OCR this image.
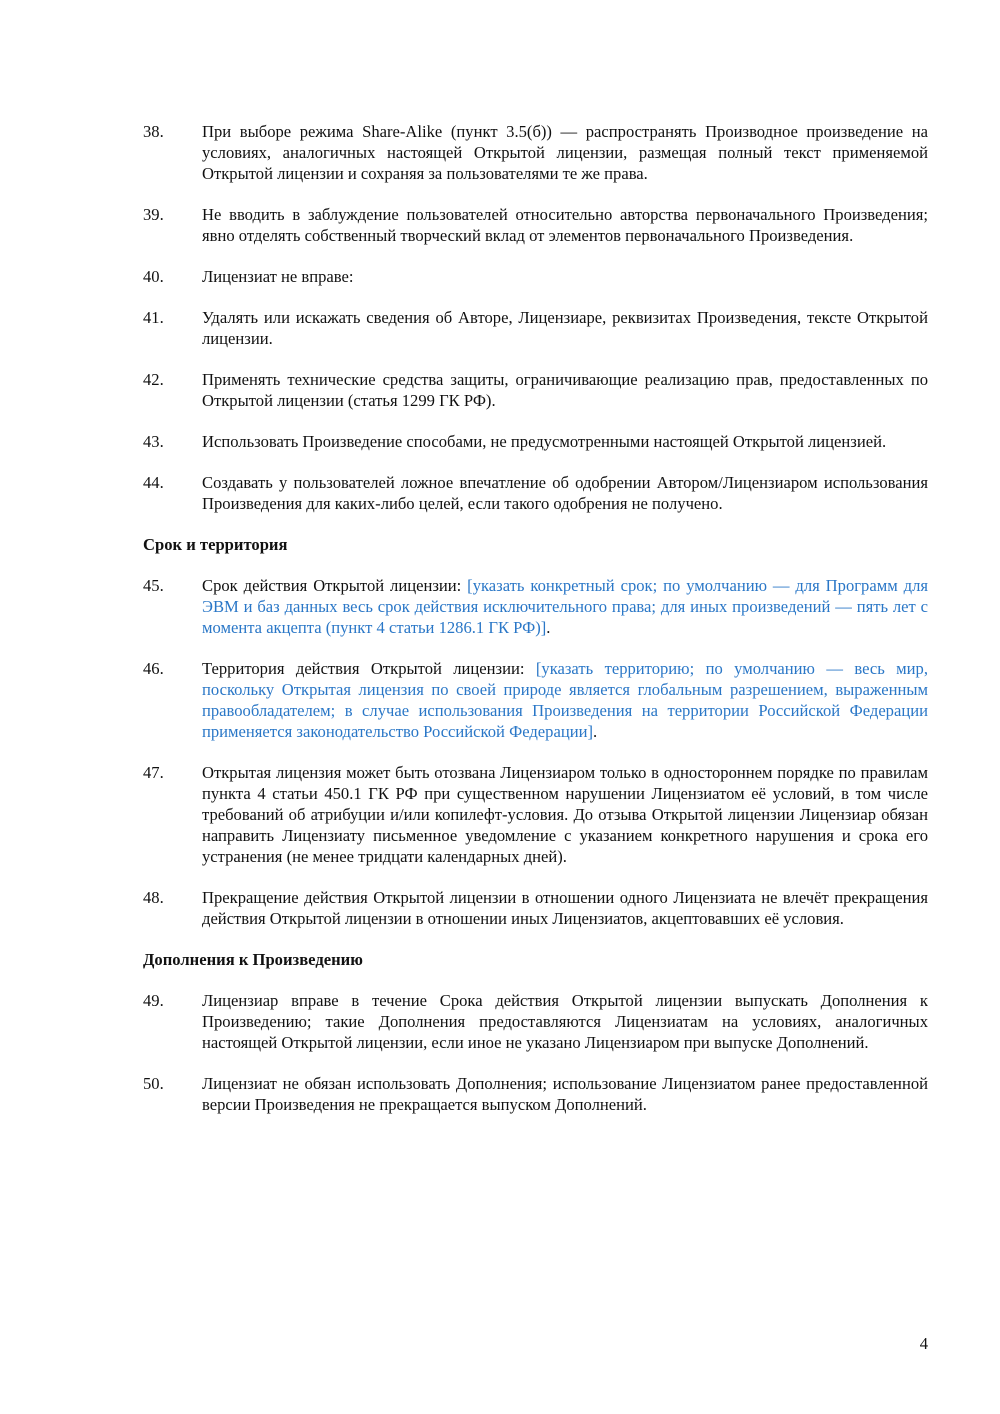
38.	При выборе режима Share-Alike (пункт 3.5(б)) — распространять Производное произведение на условиях, аналогичных настоящей Открытой лицензии, размещая полный текст применяемой Открытой лицензии и сохраняя за пользователями те же права.
39.	Не вводить в заблуждение пользователей относительно авторства первоначального Произведения; явно отделять собственный творческий вклад от элементов первоначального Произведения.
40.	Лицензиат не вправе:
41.	Удалять или искажать сведения об Авторе, Лицензиаре, реквизитах Произведения, тексте Открытой лицензии.
42.	Применять технические средства защиты, ограничивающие реализацию прав, предоставленных по Открытой лицензии (статья 1299 ГК РФ).
43.	Использовать Произведение способами, не предусмотренными настоящей Открытой лицензией.
44.	Создавать у пользователей ложное впечатление об одобрении Автором/Лицензиаром использования Произведения для каких-либо целей, если такого одобрения не получено.
Срок и территория
45.	Срок действия Открытой лицензии: [указать конкретный срок; по умолчанию — для Программ для ЭВМ и баз данных весь срок действия исключительного права; для иных произведений — пять лет с момента акцепта (пункт 4 статьи 1286.1 ГК РФ)].
46.	Территория действия Открытой лицензии: [указать территорию; по умолчанию — весь мир, поскольку Открытая лицензия по своей природе является глобальным разрешением, выраженным правообладателем; в случае использования Произведения на территории Российской Федерации применяется законодательство Российской Федерации].
47.	Открытая лицензия может быть отозвана Лицензиаром только в одностороннем порядке по правилам пункта 4 статьи 450.1 ГК РФ при существенном нарушении Лицензиатом её условий, в том числе требований об атрибуции и/или копилефт-условия. До отзыва Открытой лицензии Лицензиар обязан направить Лицензиату письменное уведомление с указанием конкретного нарушения и срока его устранения (не менее тридцати календарных дней).
48.	Прекращение действия Открытой лицензии в отношении одного Лицензиата не влечёт прекращения действия Открытой лицензии в отношении иных Лицензиатов, акцептовавших её условия.
Дополнения к Произведению
49.	Лицензиар вправе в течение Срока действия Открытой лицензии выпускать Дополнения к Произведению; такие Дополнения предоставляются Лицензиатам на условиях, аналогичных настоящей Открытой лицензии, если иное не указано Лицензиаром при выпуске Дополнений.
50.	Лицензиат не обязан использовать Дополнения; использование Лицензиатом ранее предоставленной версии Произведения не прекращается выпуском Дополнений.
4
